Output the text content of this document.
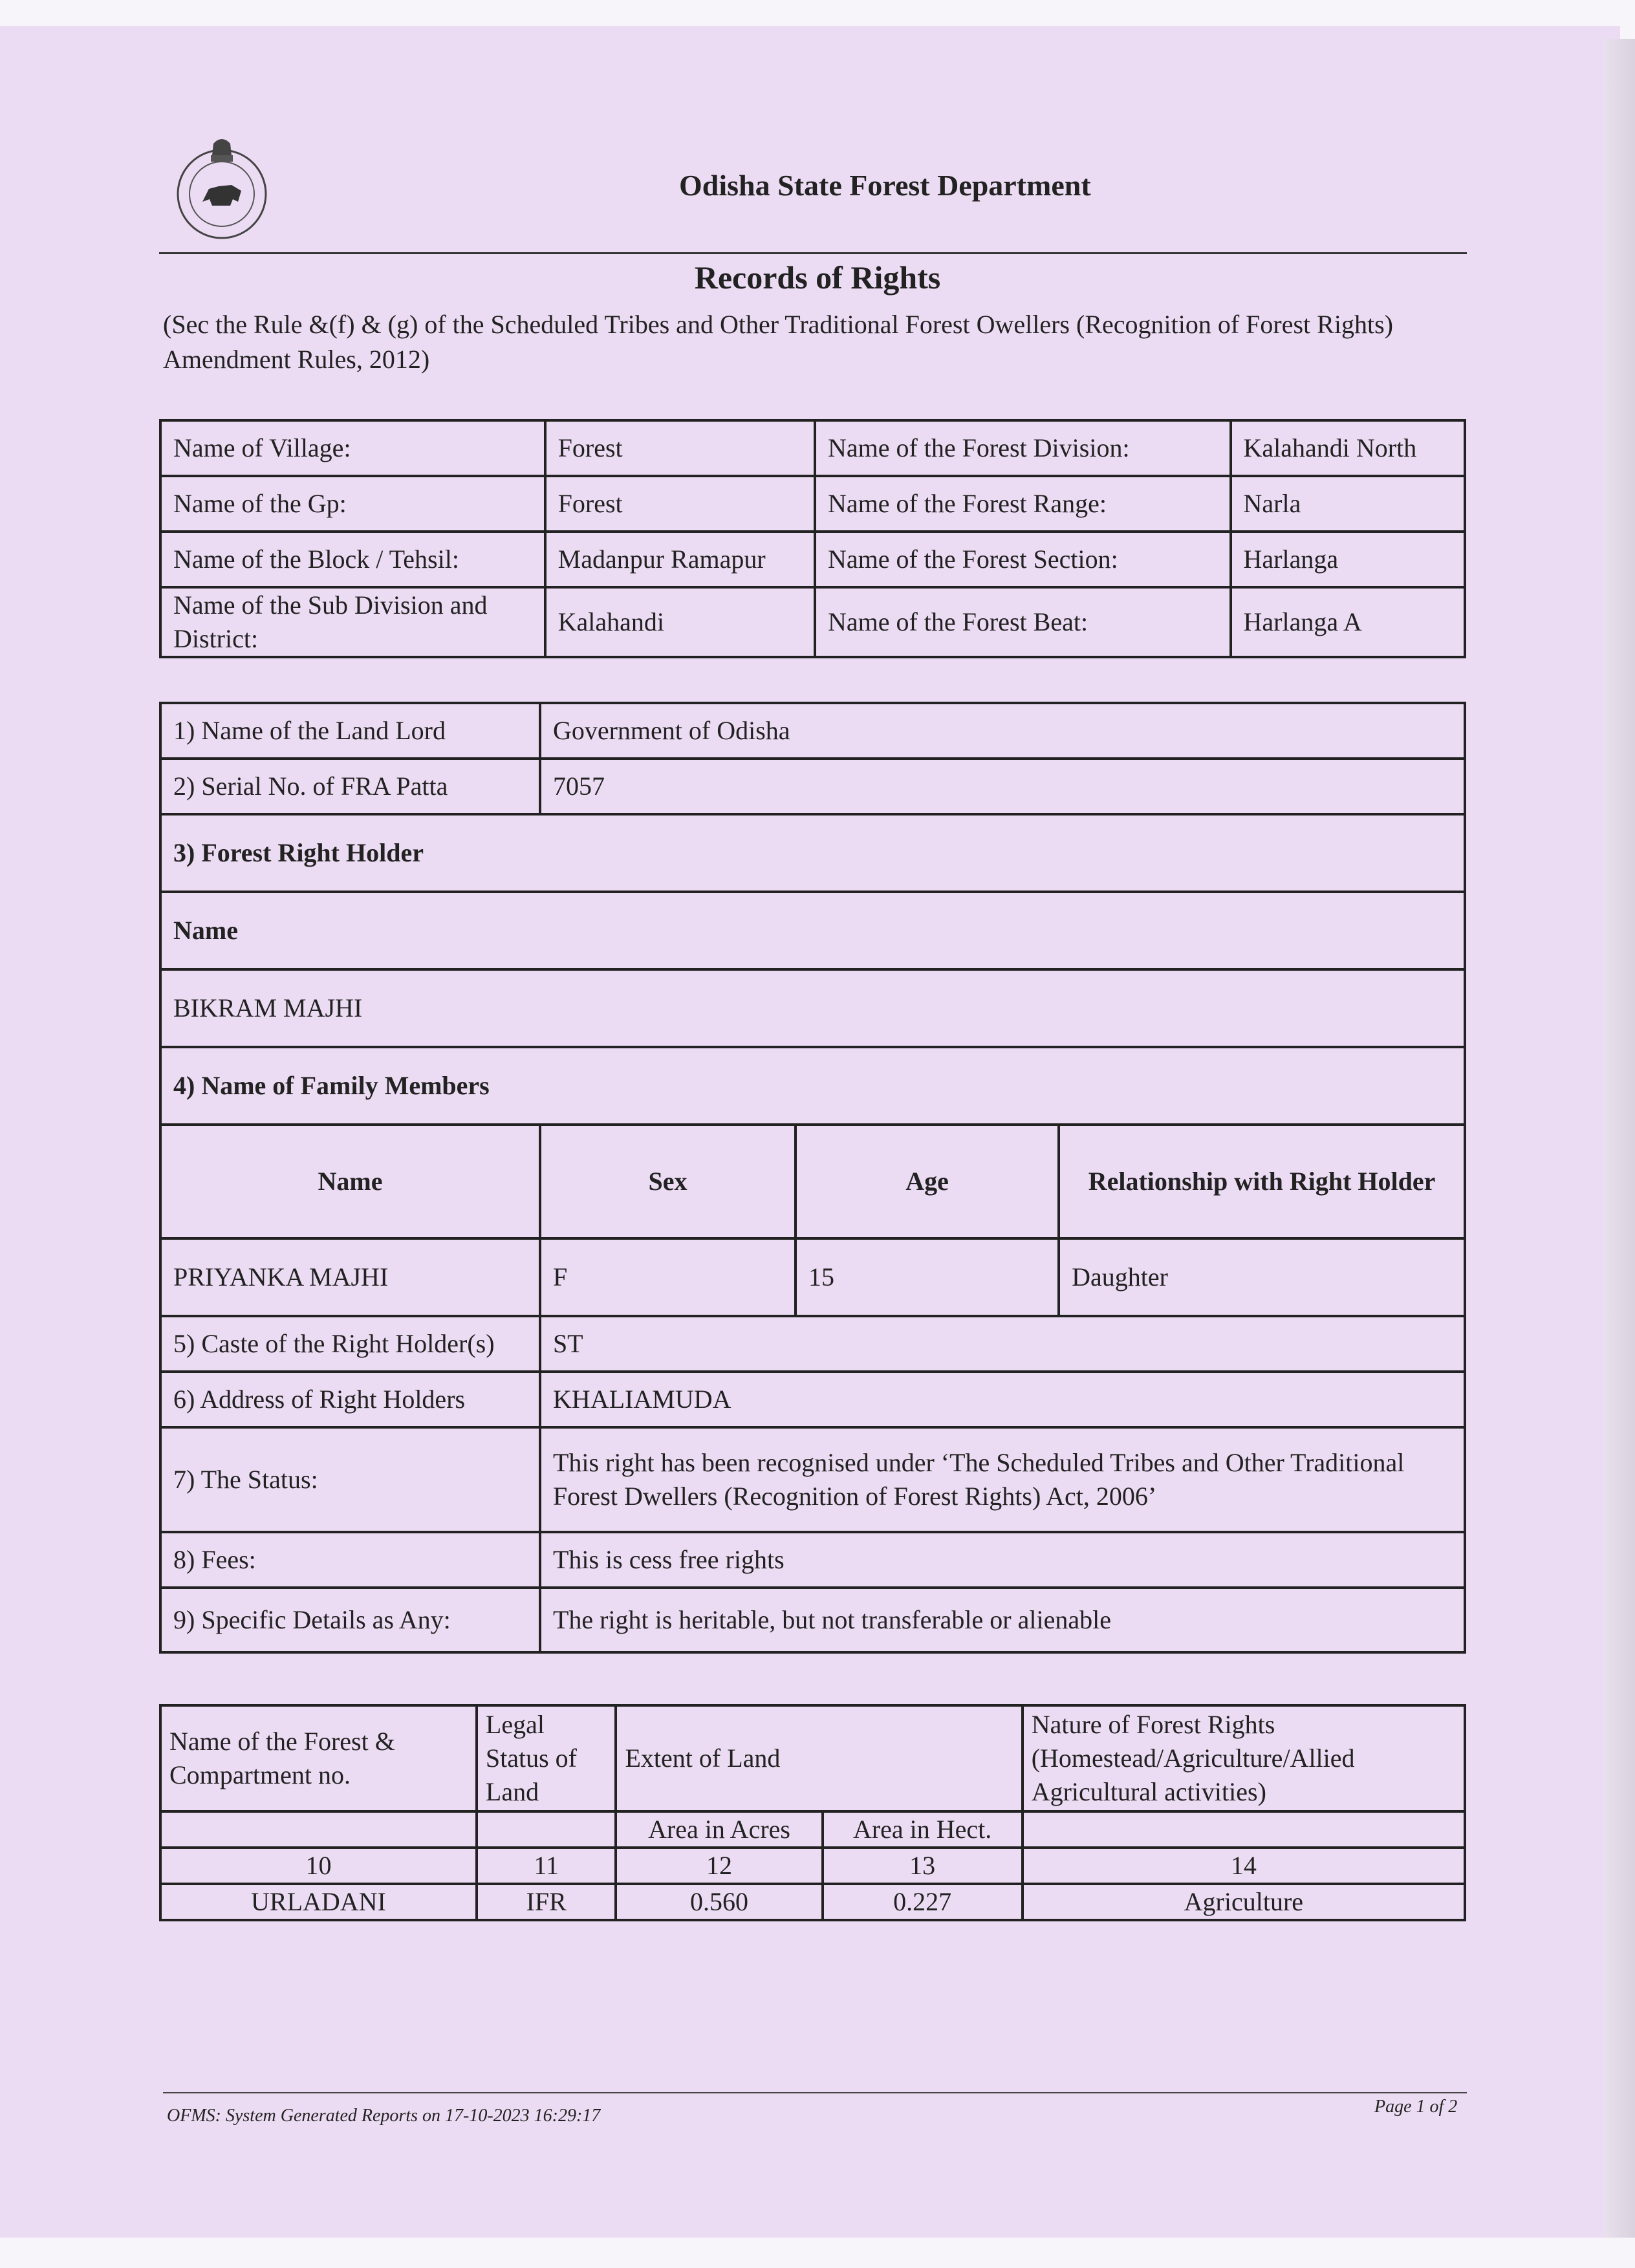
Odisha State Forest Department
Records of Rights
(Sec the Rule &(f) & (g) of the Scheduled Tribes and Other Traditional Forest Owellers (Recognition of Forest Rights) Amendment Rules, 2012)
Name of Village:	Forest	Name of the Forest Division:	Kalahandi North
Name of the Gp:	Forest	Name of the Forest Range:	Narla
Name of the Block / Tehsil:	Madanpur Ramapur	Name of the Forest Section:	Harlanga
Name of the Sub Division and District:	Kalahandi	Name of the Forest Beat:	Harlanga A
1) Name of the Land Lord	Government of Odisha		
2) Serial No. of FRA Patta	7057		
3) Forest Right Holder			
Name			
BIKRAM MAJHI			
4) Name of Family Members			
Name	Sex	Age	Relationship with Right Holder
PRIYANKA MAJHI	F	15	Daughter
5) Caste of the Right Holder(s)	ST		
6) Address of Right Holders	KHALIAMUDA		
7) The Status:	This right has been recognised under ‘The Scheduled Tribes and Other Traditional
Forest Dwellers (Recognition of Forest Rights) Act, 2006’		
8) Fees:	This is cess free rights		
9) Specific Details as Any:	The right is heritable, but not transferable or alienable		
Name of the Forest & Compartment no.	Legal Status of Land	Extent of Land		Nature of Forest Rights (Homestead/Agriculture/Allied Agricultural activities)
		Area in Acres	Area in Hect.	
10	11	12	13	14
URLADANI	IFR	0.560	0.227	Agriculture
OFMS: System Generated Reports on 17-10-2023 16:29:17	Page 1 of 2
